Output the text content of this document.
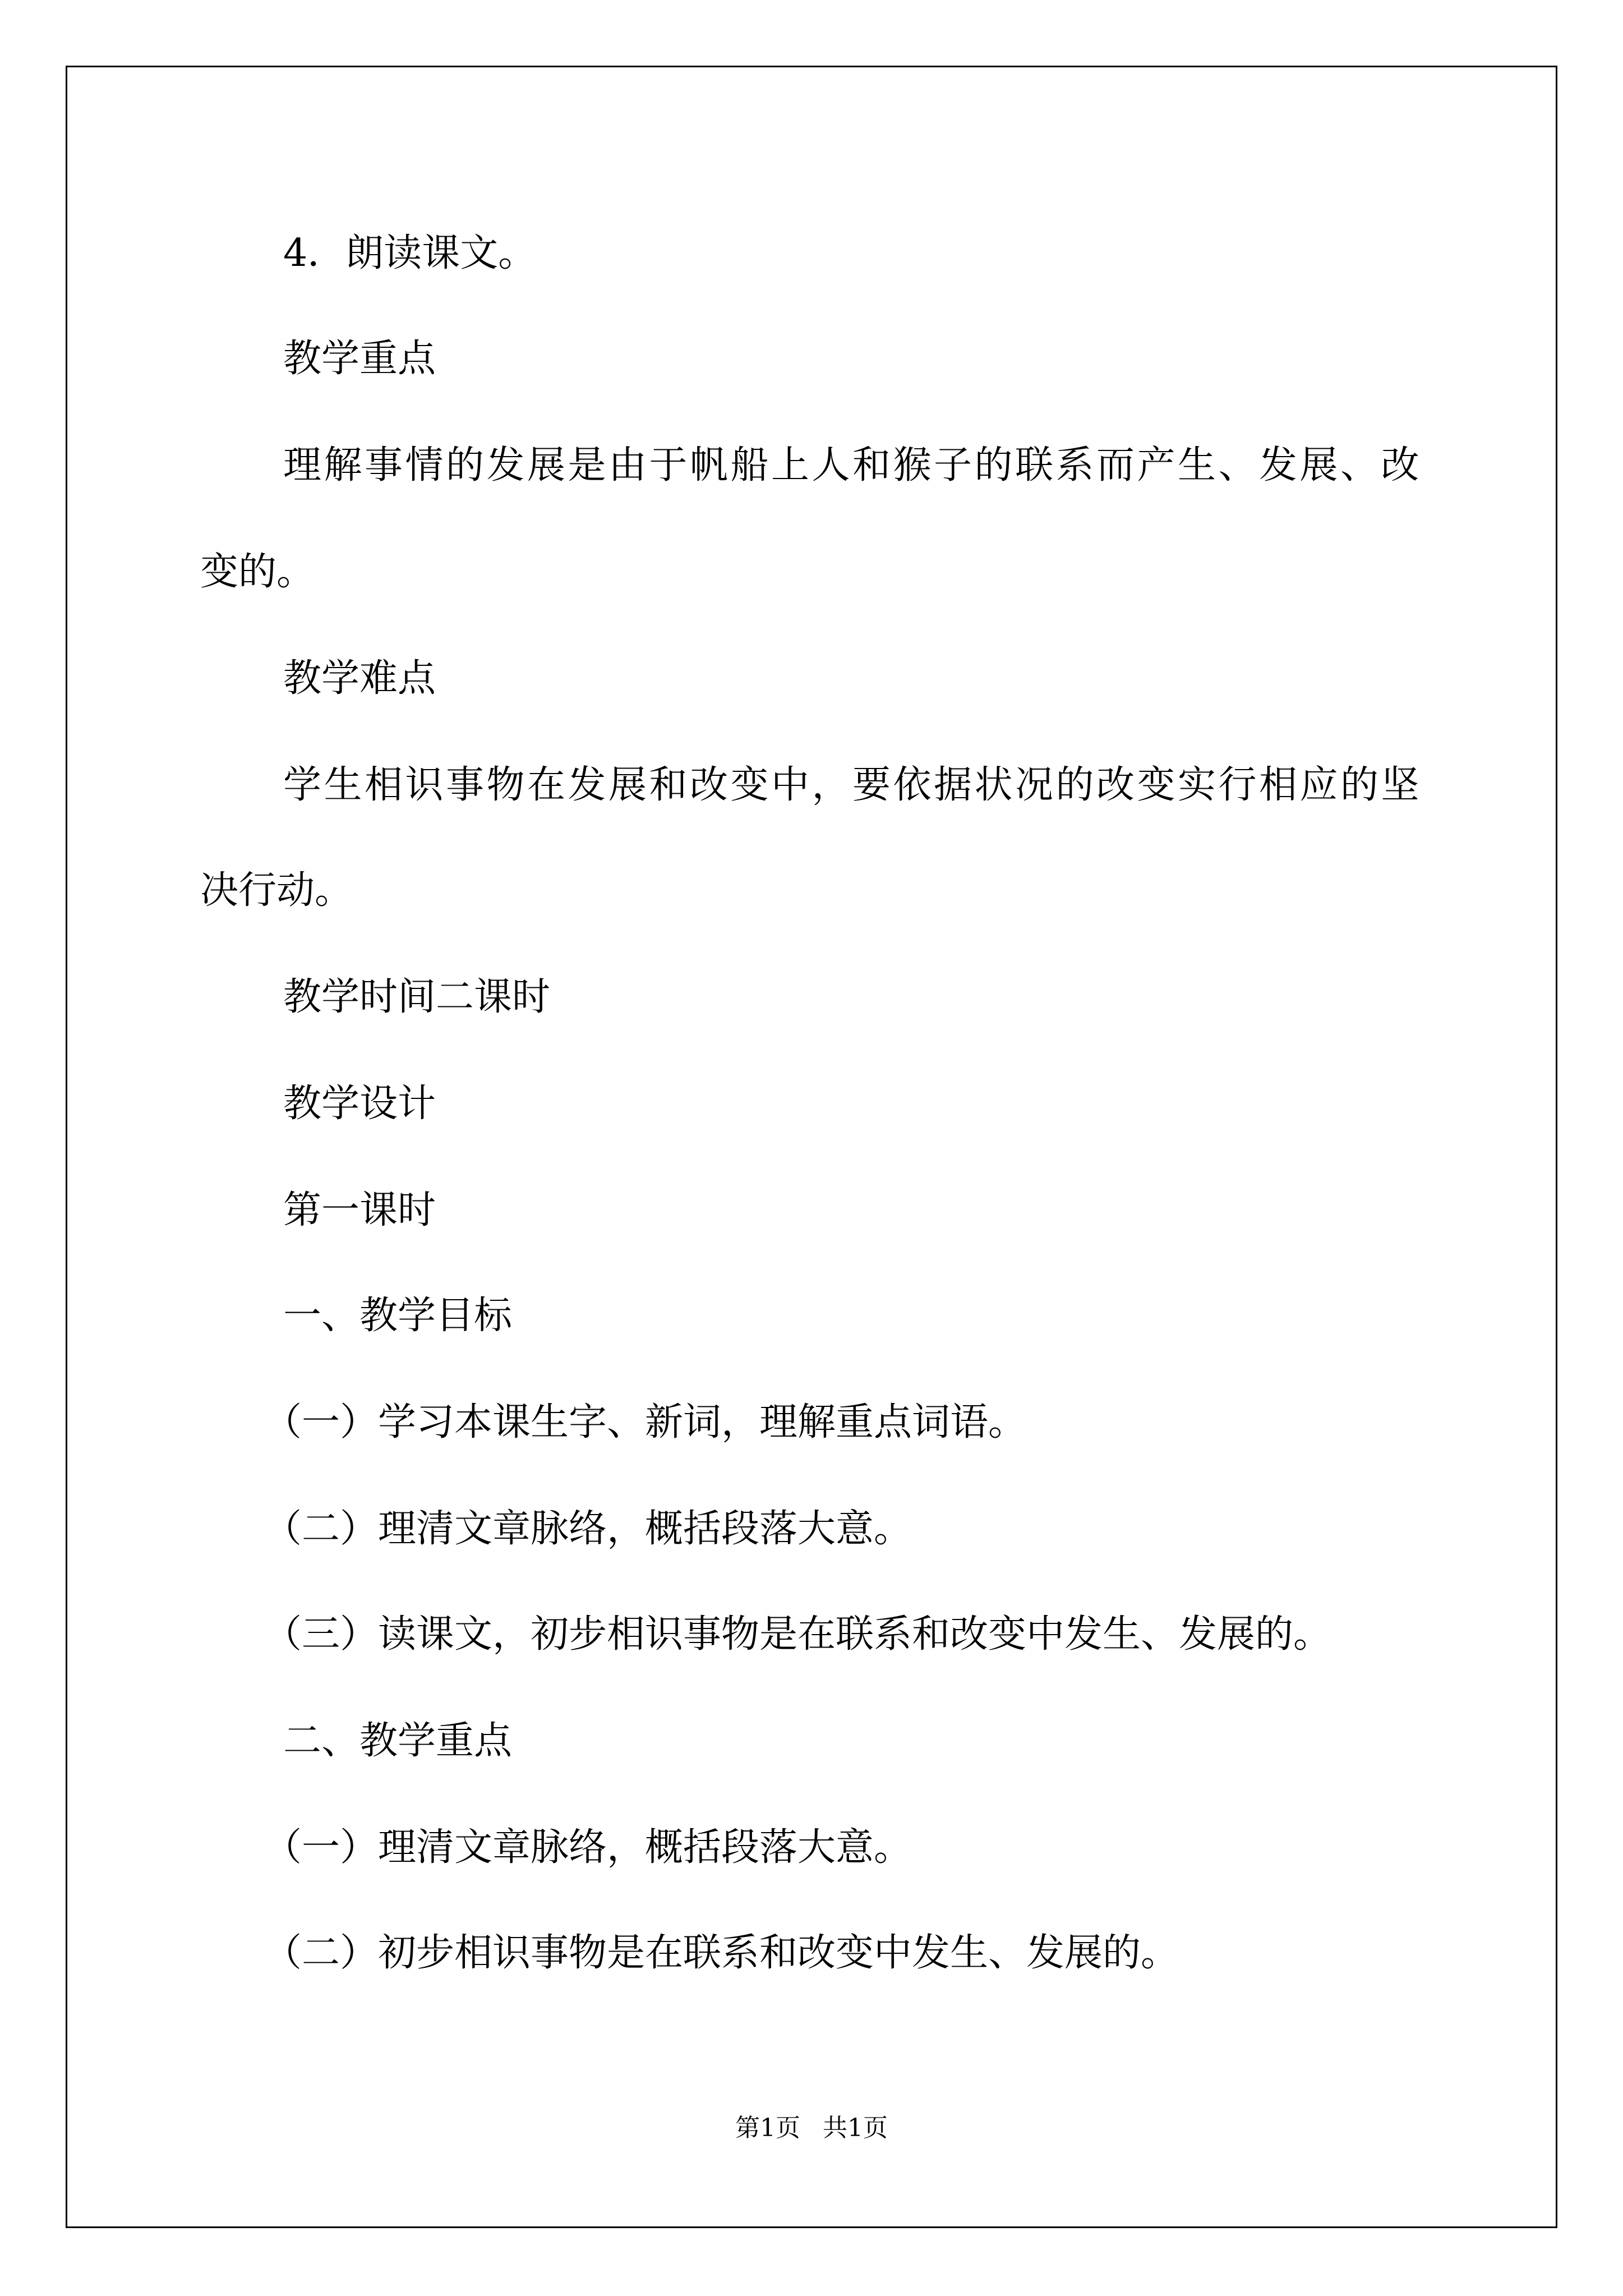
4．朗读课文。
教学重点
理解事情的发展是由于帆船上人和猴子的联系而产生、发展、改
变的。
教学难点
学生相识事物在发展和改变中，要依据状况的改变实行相应的坚
决行动。
教学时间二课时
教学设计
第一课时
一、教学目标
（一）学习本课生字、新词，理解重点词语。
（二）理清文章脉络，概括段落大意。
（三）读课文，初步相识事物是在联系和改变中发生、发展的。
二、教学重点
（一）理清文章脉络，概括段落大意。
（二）初步相识事物是在联系和改变中发生、发展的。
第1页 共1页
